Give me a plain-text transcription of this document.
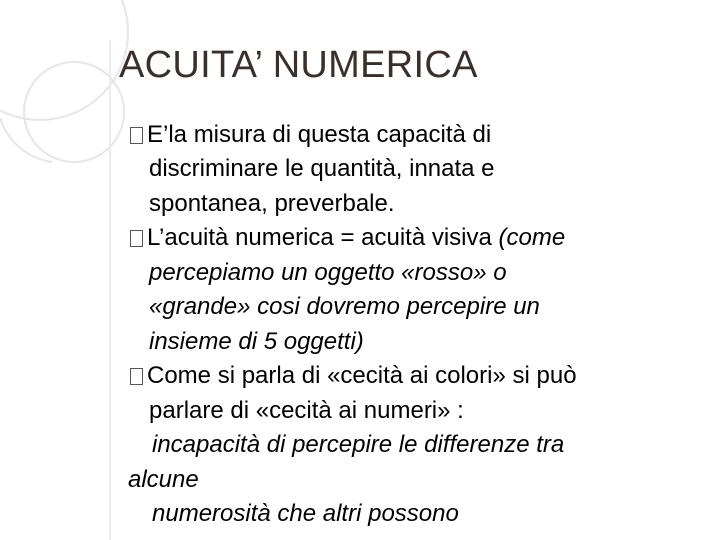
ACUITA’ NUMERICA
E’la misura di questa capacità di
discriminare le quantità, innata e
spontanea, preverbale.
L’acuità numerica = acuità visiva (come
percepiamo un oggetto «rosso» o
«grande» cosi dovremo percepire un
insieme di 5 oggetti)
Come si parla di «cecità ai colori» si può
parlare di «cecità ai numeri» :
incapacità di percepire le differenze tra
alcune
numerosità che altri possono
